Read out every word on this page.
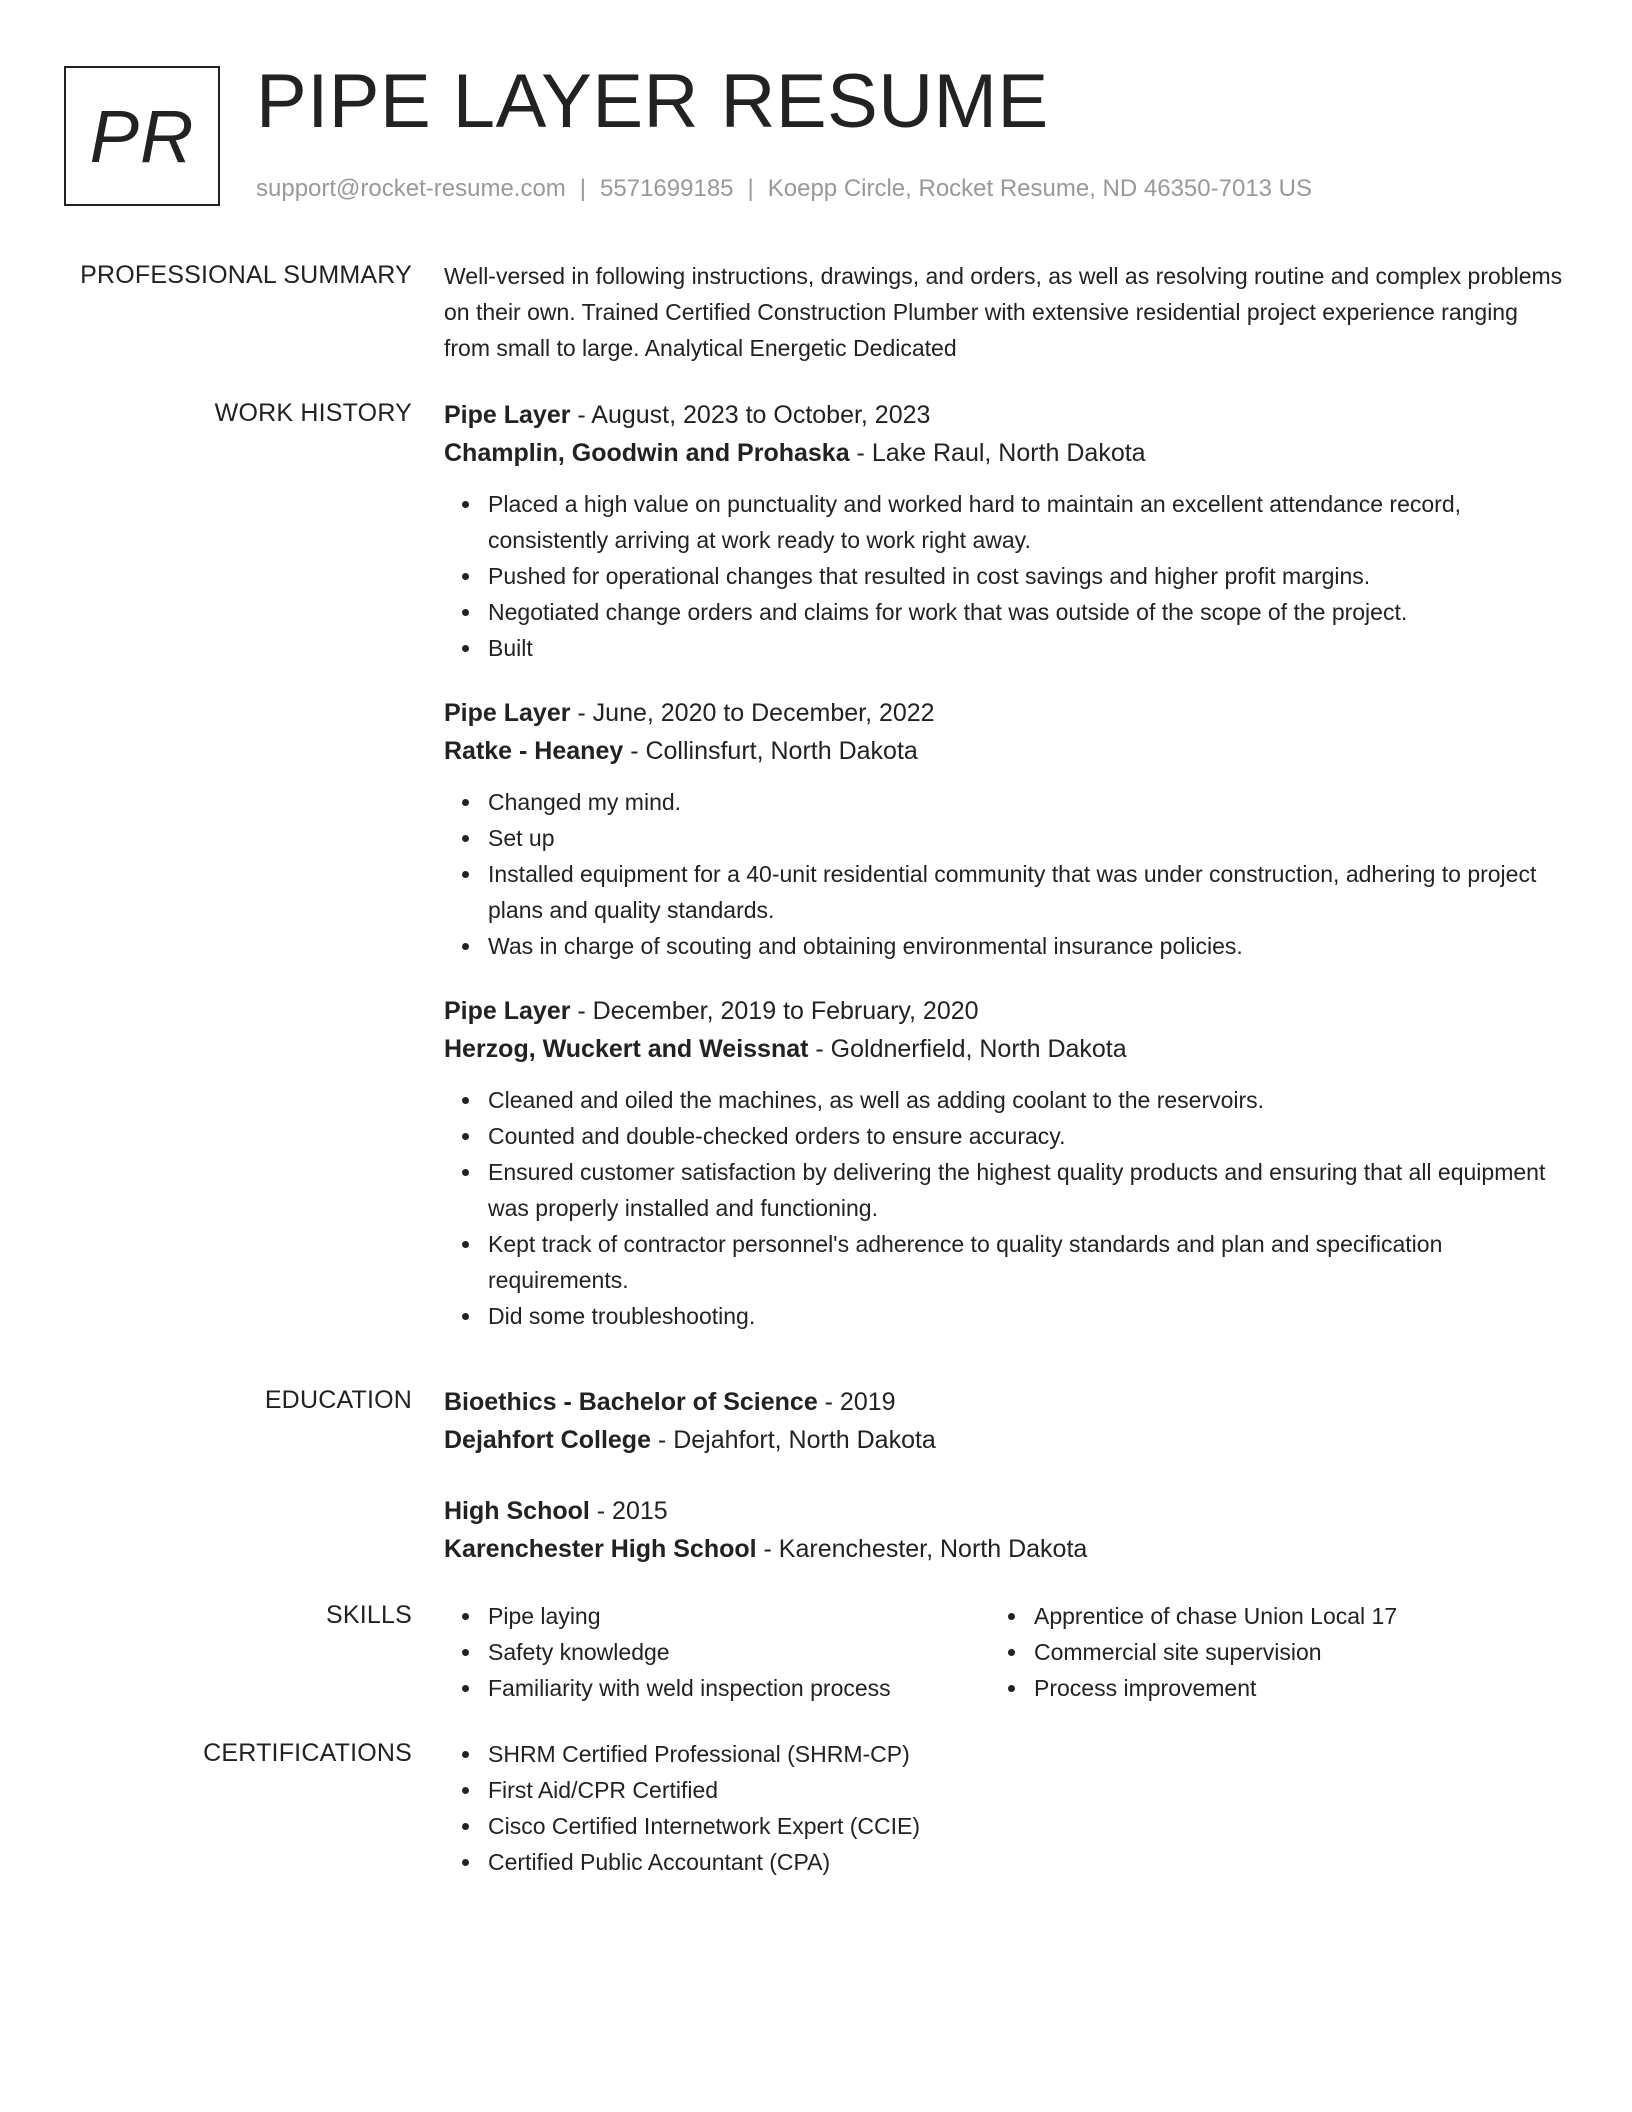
PR PIPE LAYER RESUME
support@rocket-resume.com | 5571699185 | Koepp Circle, Rocket Resume, ND 46350-7013 US
PROFESSIONAL SUMMARY Well-versed in following instructions, drawings, and orders, as well as resolving routine and complex problems on their own. Trained Certified Construction Plumber with extensive residential project experience ranging from small to large. Analytical Energetic Dedicated

WORK HISTORY Pipe Layer - August, 2023 to October, 2023
Champlin, Goodwin and Prohaska - Lake Raul, North Dakota
Placed a high value on punctuality and worked hard to maintain an excellent attendance record, consistently arriving at work ready to work right away.
Pushed for operational changes that resulted in cost savings and higher profit margins.
Negotiated change orders and claims for work that was outside of the scope of the project.
Built
Pipe Layer - June, 2020 to December, 2022
Ratke - Heaney - Collinsfurt, North Dakota
Changed my mind.
Set up
Installed equipment for a 40-unit residential community that was under construction, adhering to project plans and quality standards.
Was in charge of scouting and obtaining environmental insurance policies.
Pipe Layer - December, 2019 to February, 2020
Herzog, Wuckert and Weissnat - Goldnerfield, North Dakota
Cleaned and oiled the machines, as well as adding coolant to the reservoirs.
Counted and double-checked orders to ensure accuracy.
Ensured customer satisfaction by delivering the highest quality products and ensuring that all equipment was properly installed and functioning.
Kept track of contractor personnel's adherence to quality standards and plan and specification requirements.
Did some troubleshooting.
EDUCATION Bioethics - Bachelor of Science - 2019
Dejahfort College - Dejahfort, North Dakota
High School - 2015
Karenchester High School - Karenchester, North Dakota
SKILLS	Pipe laying
Safety knowledge
Familiarity with weld inspection process
Apprentice of chase Union Local 17
Commercial site supervision
Process improvement
CERTIFICATIONS	SHRM Certified Professional (SHRM-CP)
First Aid/CPR Certified
Cisco Certified Internetwork Expert (CCIE)
Certified Public Accountant (CPA)
